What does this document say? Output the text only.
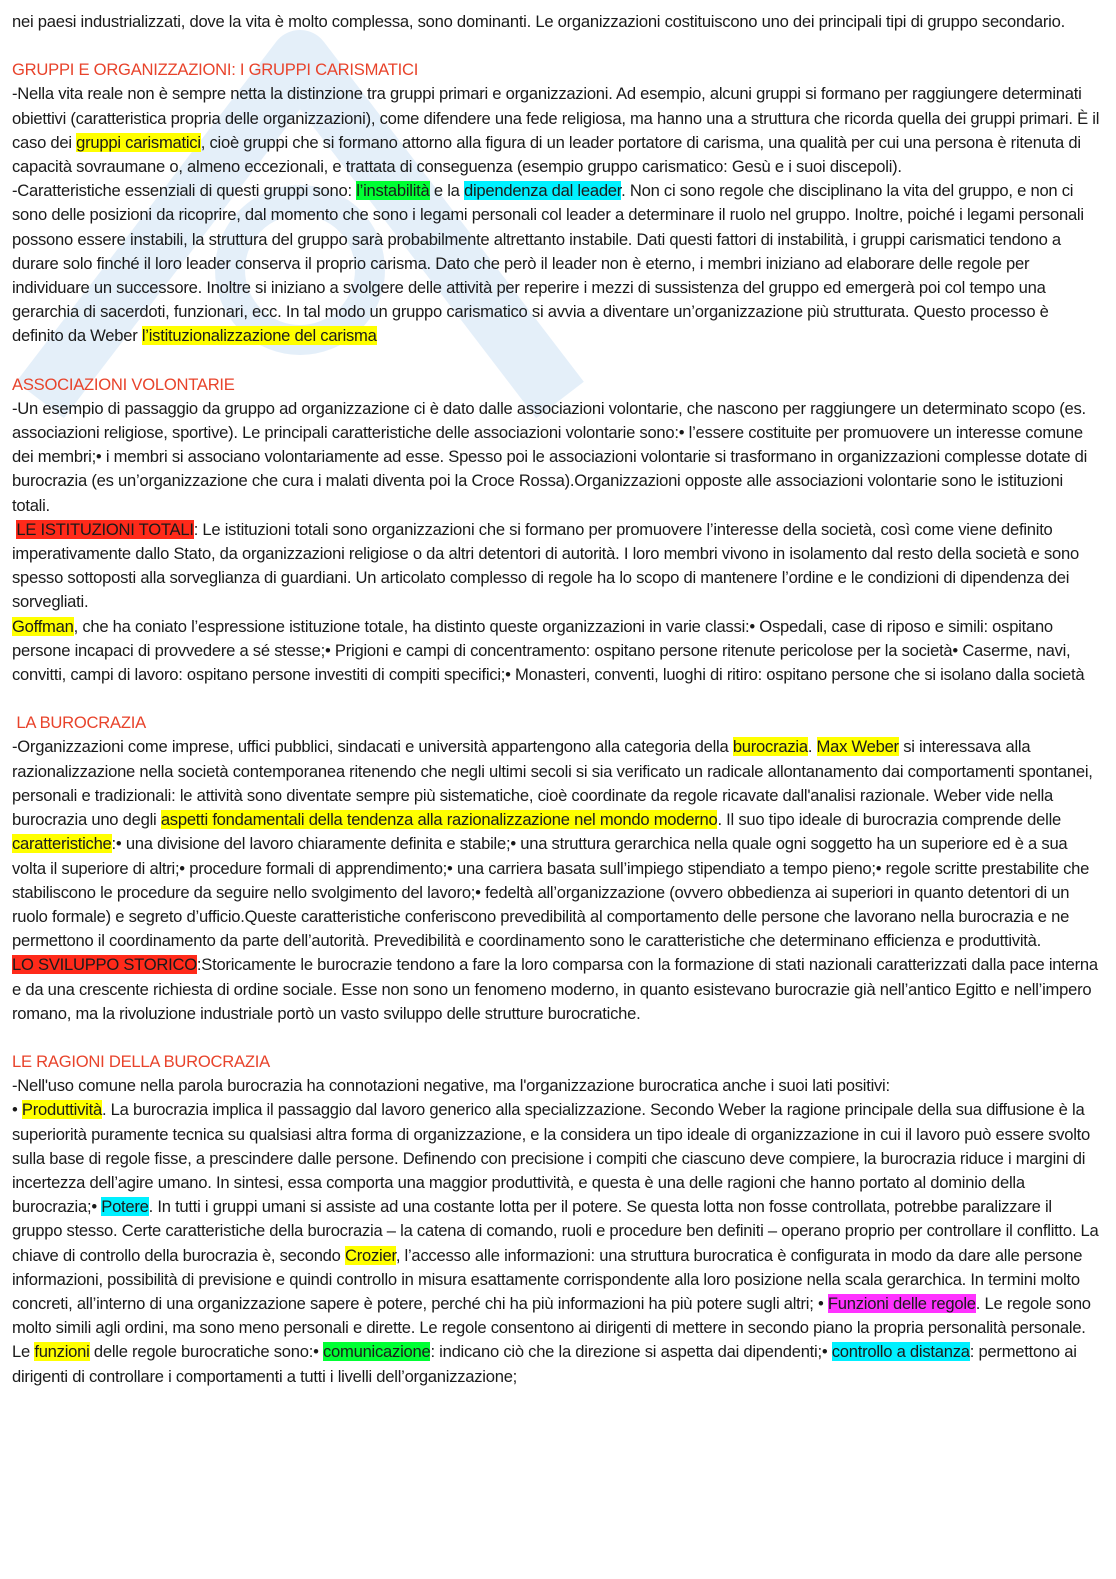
nei paesi industrializzati, dove la vita è molto complessa, sono dominanti. Le organizzazioni costituiscono uno dei principali tipi di gruppo secondario.

GRUPPI E ORGANIZZAZIONI: I GRUPPI CARISMATICI

-Nella vita reale non è sempre netta la distinzione tra gruppi primari e organizzazioni. Ad esempio, alcuni gruppi si formano per raggiungere determinati obiettivi (caratteristica propria delle organizzazioni), come difendere una fede religiosa, ma hanno una a struttura che ricorda quella dei gruppi primari. È il caso dei gruppi carismatici, cioè gruppi che si formano attorno alla figura di un leader portatore di carisma, una qualità per cui una persona è ritenuta di capacità sovraumane o, almeno eccezionali, e trattata di conseguenza (esempio gruppo carismatico: Gesù e i suoi discepoli).

-Caratteristiche essenziali di questi gruppi sono: l’instabilità e la dipendenza dal leader. Non ci sono regole che disciplinano la vita del gruppo, e non ci sono delle posizioni da ricoprire, dal momento che sono i legami personali col leader a determinare il ruolo nel gruppo. Inoltre, poiché i legami personali possono essere instabili, la struttura del gruppo sarà probabilmente altrettanto instabile. Dati questi fattori di instabilità, i gruppi carismatici tendono a durare solo finché il loro leader conserva il proprio carisma. Dato che però il leader non è eterno, i membri iniziano ad elaborare delle regole per individuare un successore. Inoltre si iniziano a svolgere delle attività per reperire i mezzi di sussistenza del gruppo ed emergerà poi col tempo una gerarchia di sacerdoti, funzionari, ecc. In tal modo un gruppo carismatico si avvia a diventare un’organizzazione più strutturata. Questo processo è definito da Weber l’istituzionalizzazione del carisma

ASSOCIAZIONI VOLONTARIE

-Un esempio di passaggio da gruppo ad organizzazione ci è dato dalle associazioni volontarie, che nascono per raggiungere un determinato scopo (es. associazioni religiose, sportive). Le principali caratteristiche delle associazioni volontarie sono:• l’essere costituite per promuovere un interesse comune dei membri;• i membri si associano volontariamente ad esse. Spesso poi le associazioni volontarie si trasformano in organizzazioni complesse dotate di burocrazia (es un’organizzazione che cura i malati diventa poi la Croce Rossa).Organizzazioni opposte alle associazioni volontarie sono le istituzioni totali.

LE ISTITUZIONI TOTALI: Le istituzioni totali sono organizzazioni che si formano per promuovere l’interesse della società, così come viene definito imperativamente dallo Stato, da organizzazioni religiose o da altri detentori di autorità. I loro membri vivono in isolamento dal resto della società e sono spesso sottoposti alla sorveglianza di guardiani. Un articolato complesso di regole ha lo scopo di mantenere l’ordine e le condizioni di dipendenza dei sorvegliati.

Goffman, che ha coniato l’espressione istituzione totale, ha distinto queste organizzazioni in varie classi:• Ospedali, case di riposo e simili: ospitano persone incapaci di provvedere a sé stesse;• Prigioni e campi di concentramento: ospitano persone ritenute pericolose per la società• Caserme, navi, convitti, campi di lavoro: ospitano persone investiti di compiti specifici;• Monasteri, conventi, luoghi di ritiro: ospitano persone che si isolano dalla società

LA BUROCRAZIA

-Organizzazioni come imprese, uffici pubblici, sindacati e università appartengono alla categoria della burocrazia. Max Weber si interessava alla razionalizzazione nella società contemporanea ritenendo che negli ultimi secoli si sia verificato un radicale allontanamento dai comportamenti spontanei, personali e tradizionali: le attività sono diventate sempre più sistematiche, cioè coordinate da regole ricavate dall'analisi razionale. Weber vide nella burocrazia uno degli aspetti fondamentali della tendenza alla razionalizzazione nel mondo moderno. Il suo tipo ideale di burocrazia comprende delle caratteristiche:• una divisione del lavoro chiaramente definita e stabile;• una struttura gerarchica nella quale ogni soggetto ha un superiore ed è a sua volta il superiore di altri;• procedure formali di apprendimento;• una carriera basata sull’impiego stipendiato a tempo pieno;• regole scritte prestabilite che stabiliscono le procedure da seguire nello svolgimento del lavoro;• fedeltà all’organizzazione (ovvero obbedienza ai superiori in quanto detentori di un ruolo formale) e segreto d’ufficio.Queste caratteristiche conferiscono prevedibilità al comportamento delle persone che lavorano nella burocrazia e ne permettono il coordinamento da parte dell’autorità. Prevedibilità e coordinamento sono le caratteristiche che determinano efficienza e produttività.

LO SVILUPPO STORICO:Storicamente le burocrazie tendono a fare la loro comparsa con la formazione di stati nazionali caratterizzati dalla pace interna e da una crescente richiesta di ordine sociale. Esse non sono un fenomeno moderno, in quanto esistevano burocrazie già nell’antico Egitto e nell’impero romano, ma la rivoluzione industriale portò un vasto sviluppo delle strutture burocratiche.

LE RAGIONI DELLA BUROCRAZIA

-Nell'uso comune nella parola burocrazia ha connotazioni negative, ma l'organizzazione burocratica anche i suoi lati positivi:

• Produttività. La burocrazia implica il passaggio dal lavoro generico alla specializzazione. Secondo Weber la ragione principale della sua diffusione è la superiorità puramente tecnica su qualsiasi altra forma di organizzazione, e la considera un tipo ideale di organizzazione in cui il lavoro può essere svolto sulla base di regole fisse, a prescindere dalle persone. Definendo con precisione i compiti che ciascuno deve compiere, la burocrazia riduce i margini di incertezza dell’agire umano. In sintesi, essa comporta una maggior produttività, e questa è una delle ragioni che hanno portato al dominio della burocrazia;• Potere. In tutti i gruppi umani si assiste ad una costante lotta per il potere. Se questa lotta non fosse controllata, potrebbe paralizzare il gruppo stesso. Certe caratteristiche della burocrazia – la catena di comando, ruoli e procedure ben definiti – operano proprio per controllare il conflitto. La chiave di controllo della burocrazia è, secondo Crozier, l’accesso alle informazioni: una struttura burocratica è configurata in modo da dare alle persone informazioni, possibilità di previsione e quindi controllo in misura esattamente corrispondente alla loro posizione nella scala gerarchica. In termini molto concreti, all’interno di una organizzazione sapere è potere, perché chi ha più informazioni ha più potere sugli altri; • Funzioni delle regole. Le regole sono molto simili agli ordini, ma sono meno personali e dirette. Le regole consentono ai dirigenti di mettere in secondo piano la propria personalità personale. Le funzioni delle regole burocratiche sono:• comunicazione: indicano ciò che la direzione si aspetta dai dipendenti;• controllo a distanza: permettono ai dirigenti di controllare i comportamenti a tutti i livelli dell’organizzazione;
